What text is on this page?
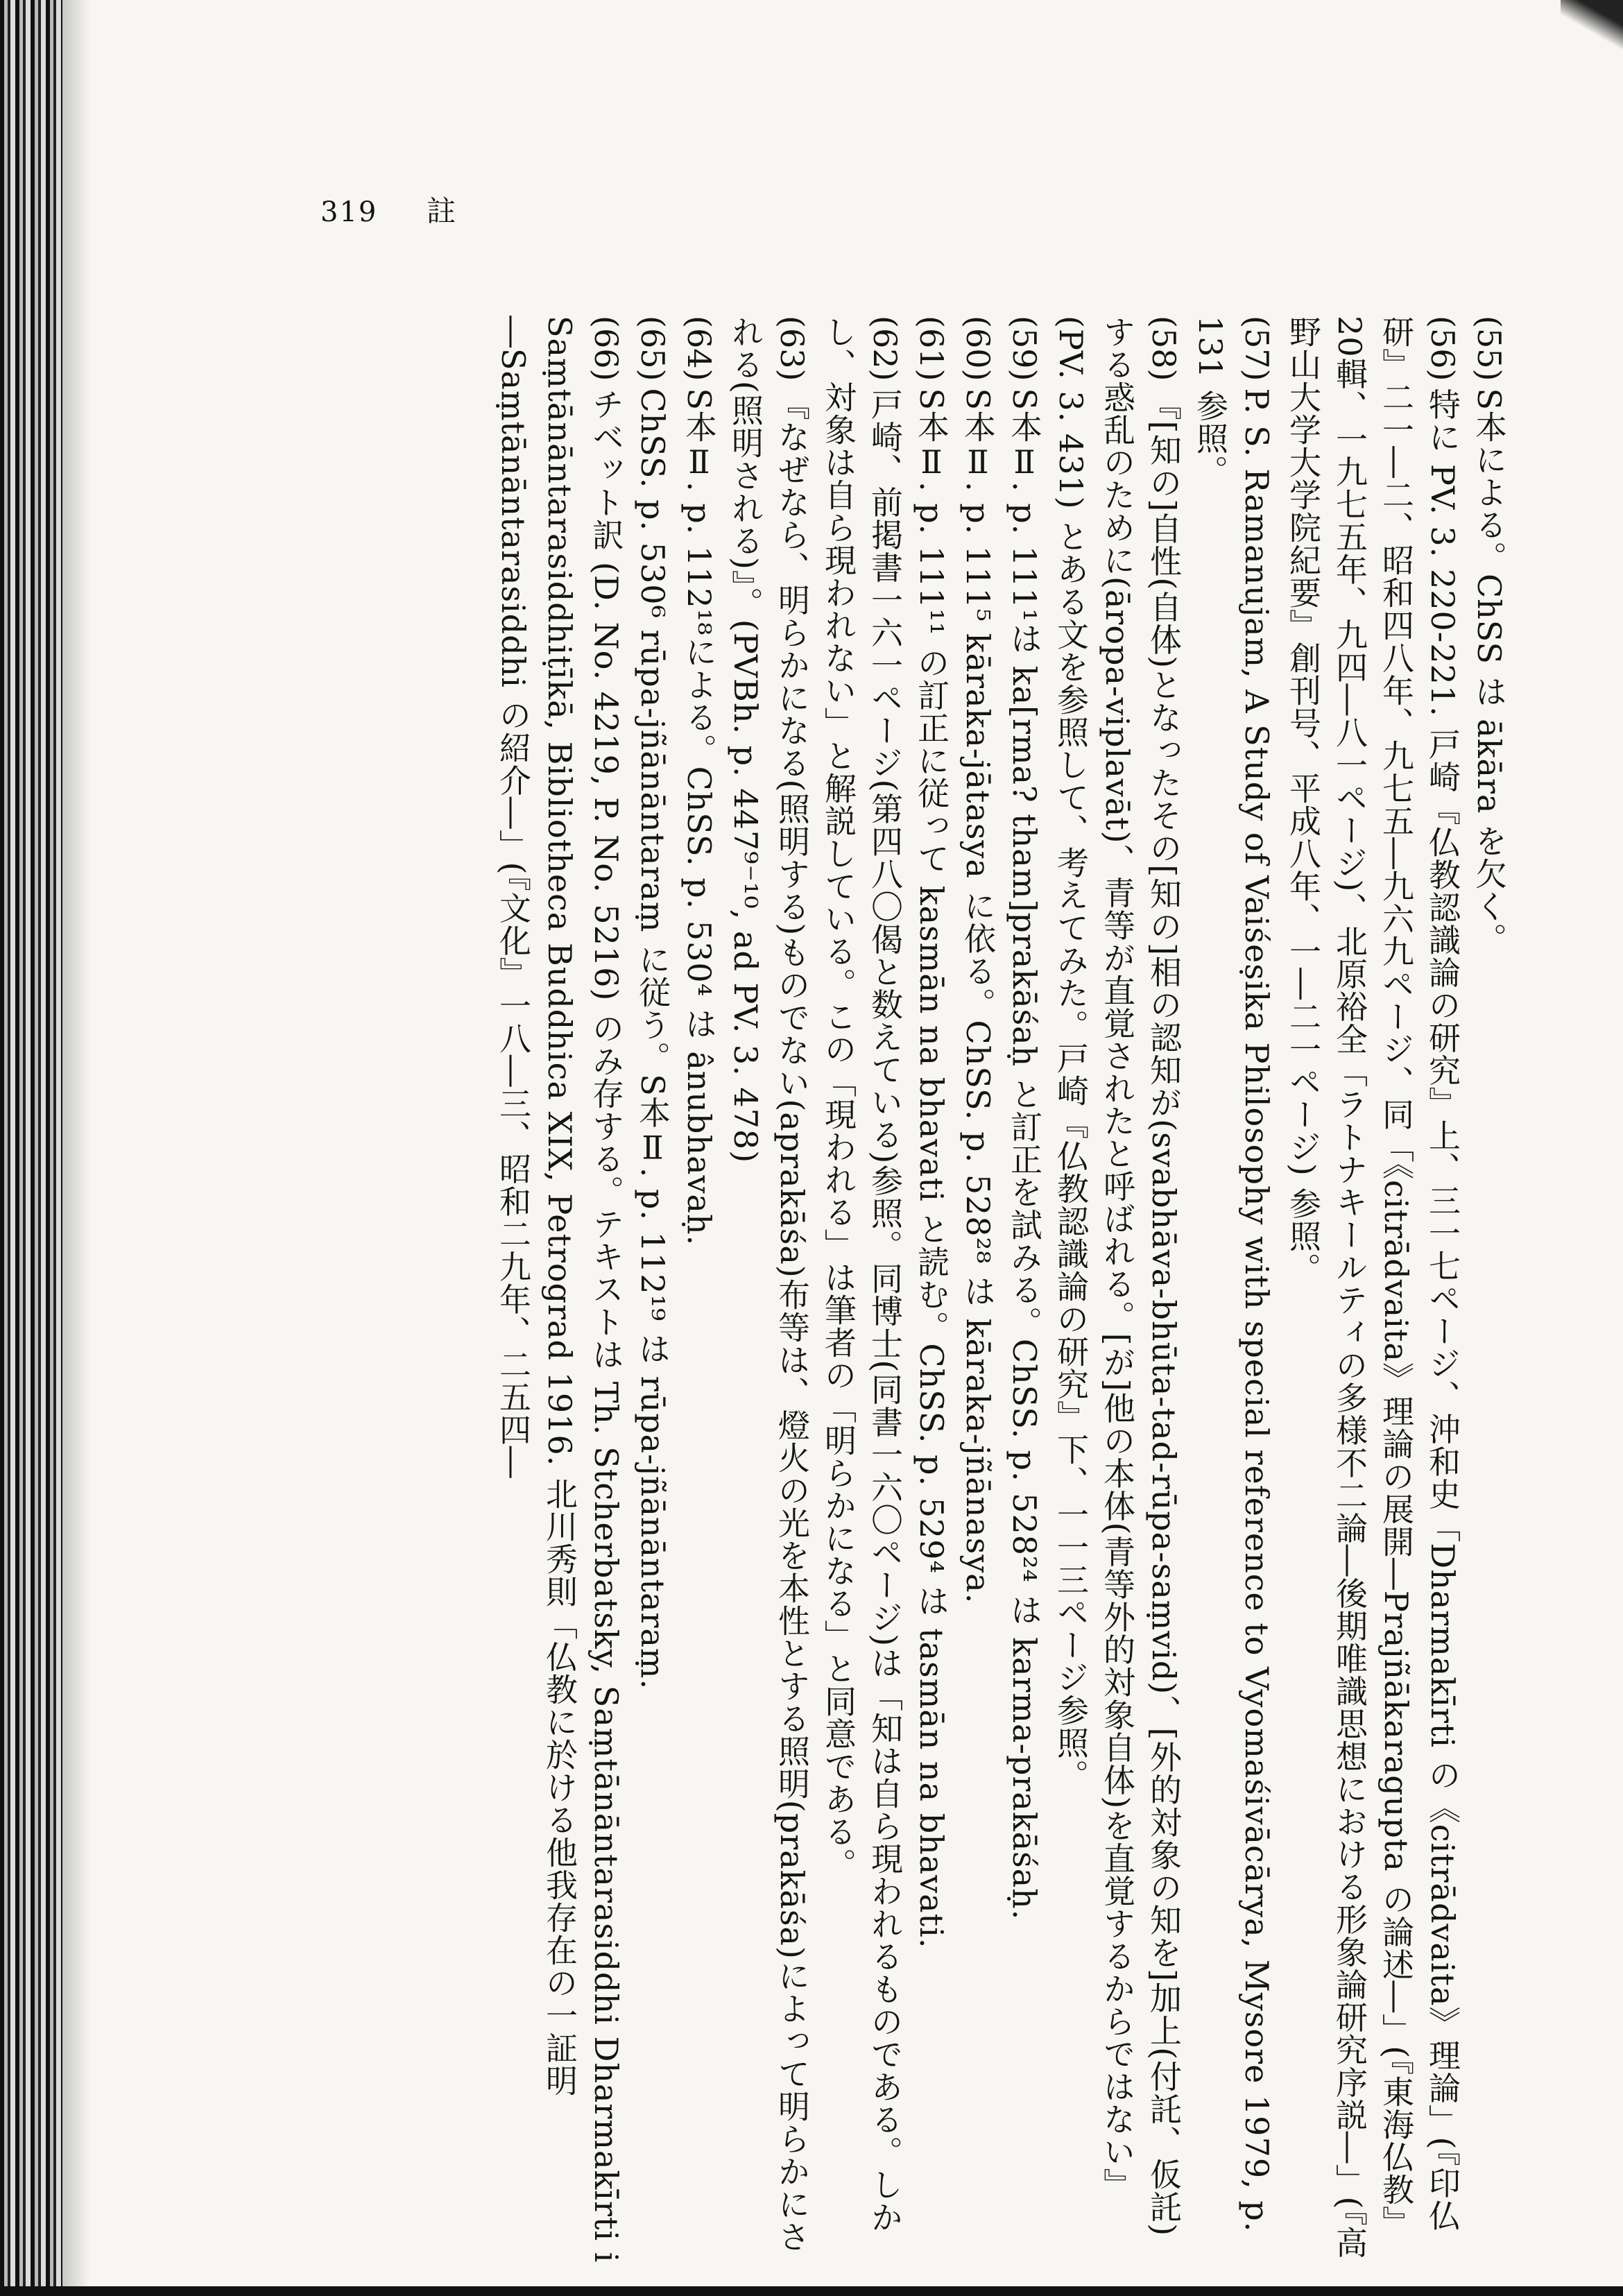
319 註

(55)S本による。ChSS は ākāra を欠く。

(56)特に PV. 3. 220-221. 戸崎『仏教認識論の研究』上、三一七ページ、沖和史「Dharmakīrti の《citrādvaita》理論」(『印仏研』二一―二、昭和四八年、九七五―九六九ページ、同「《citrādvaita》理論の展開―Prajñākaragupta の論述―」(『東海仏教』20輯、一九七五年、九四―八一ページ)、北原裕全「ラトナキールティの多様不二論―後期唯識思想における形象論研究序説―」(『高野山大学大学院紀要』創刊号、平成八年、一―二一ページ) 参照。

(57)P. S. Ramanujam, A Study of Vaiśeṣika Philosophy with special reference to Vyomaśivācārya, Mysore 1979, p. 131 参照。

(58)『[知の]自性(自体)となったその[知の]相の認知が(svabhāva-bhūta-tad-rūpa-saṃvid)、[外的対象の知を]加上(付託、仮託)する惑乱のために(āropa-viplavāt)、青等が直覚されたと呼ばれる。[が]他の本体(青等外的対象自体)を直覚するからではない』(PV. 3. 431) とある文を参照して、考えてみた。戸崎『仏教認識論の研究』下、一一三ページ参照。

(59)S本Ⅱ. p. 111¹は ka[rma? tham]prakāśaḥ と訂正を試みる。ChSS. p. 528²⁴ は karma-prakāśaḥ.

(60)S本Ⅱ. p. 111⁵ kāraka-jātasya に依る。ChSS. p. 528²⁸ は kāraka-jñānasya.

(61)S本Ⅱ. p. 111¹¹ の訂正に従って kasmān na bhavati と読む。ChSS. p. 529⁴ は tasmān na bhavati.

(62)戸崎、前掲書一六一ページ(第四八〇偈と数えている)参照。同博士(同書一六〇ページ)は「知は自ら現われるものである。しかし、対象は自ら現われない」と解説している。この「現われる」は筆者の「明らかになる」と同意である。

(63)『なぜなら、明らかになる(照明する)ものでない(aprakāśa)布等は、燈火の光を本性とする照明(prakāśa)によって明らかにされる(照明される)』。(PVBh. p. 447⁹⁻¹⁰, ad PV. 3. 478)

(64)S本Ⅱ. p. 112¹⁸による。ChSS. p. 530⁴ は ânubhavaḥ.

(65)ChSS. p. 530⁶ rūpa-jñānāntaraṃ に従う。S本Ⅱ. p. 112¹⁹ は rūpa-jñānāntaraṃ.

(66)チベット訳 (D. No. 4219, P. No. 5216) のみ存する。テキストは Th. Stcherbatsky, Saṃtānāntarasiddhi Dharmakīrti i Saṃtānāntarasiddhiṭīkā, Bibliotheca Buddhica XIX, Petrograd 1916. 北川秀則「仏教に於ける他我存在の一証明―Saṃtānāntarasiddhi の紹介―」(『文化』一八―三、昭和二九年、二五四―
